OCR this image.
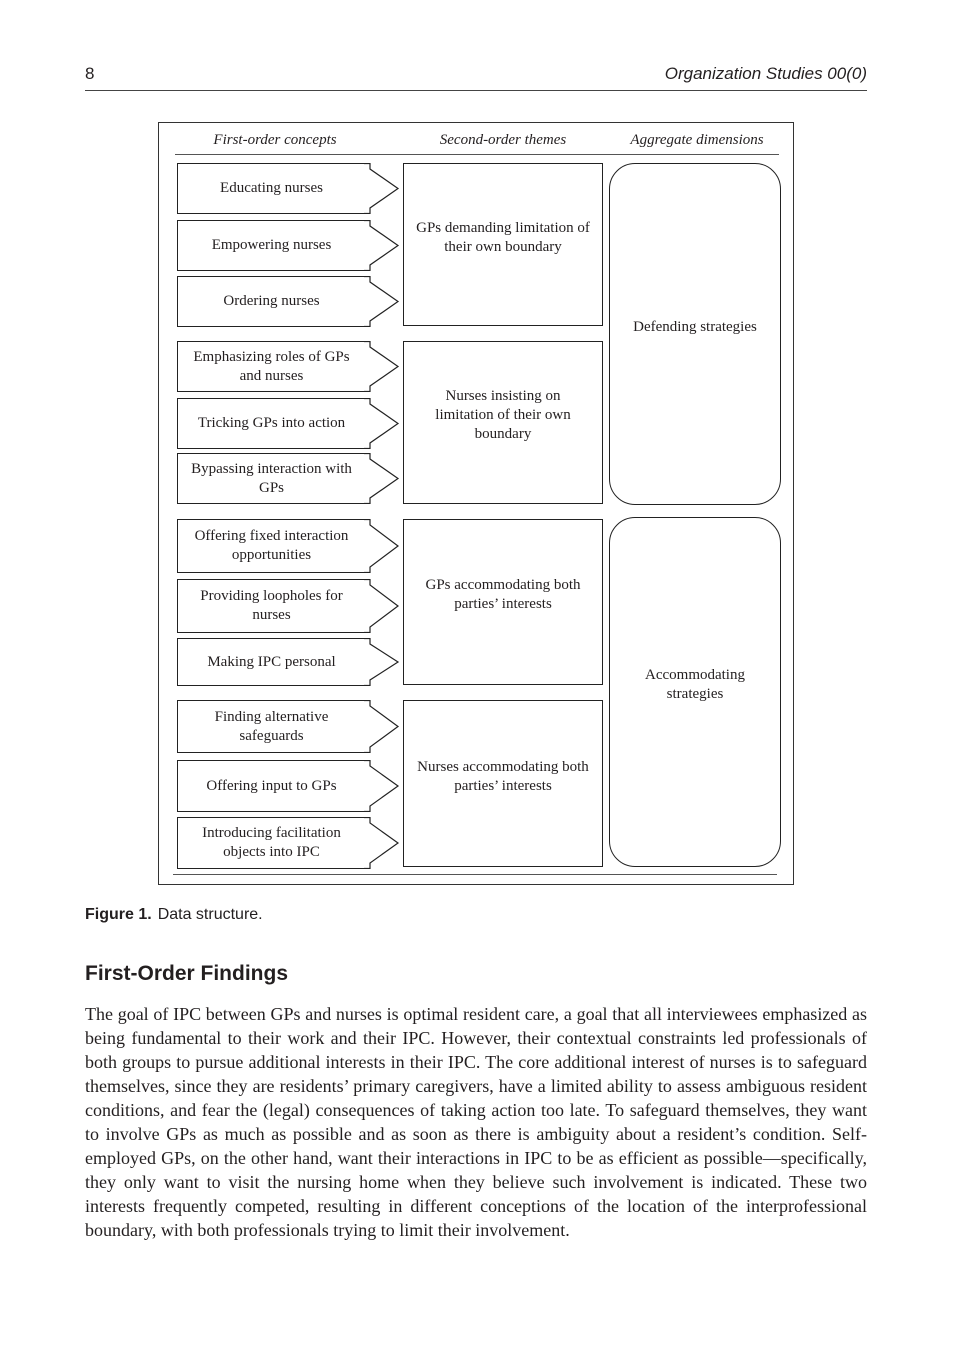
8	Organization Studies 00(0)
First-order concepts	Second-order themes	Aggregate dimensions
Educating nurses
Empowering nurses
Ordering nurses
Emphasizing roles of GPs and nurses
Tricking GPs into action
Bypassing interaction with GPs
Offering fixed interaction opportunities
Providing loopholes for nurses
Making IPC personal
Finding alternative safeguards
Offering input to GPs
Introducing facilitation objects into IPC
GPs demanding limitation of their own boundary
Nurses insisting on limitation of their own boundary
GPs accommodating both parties’ interests
Nurses accommodating both parties’ interests
Defending strategies
Accommodating strategies
Figure 1. Data structure.
First-Order Findings
The goal of IPC between GPs and nurses is optimal resident care, a goal that all interviewees emphasized as being fundamental to their work and their IPC. However, their contextual constraints led professionals of both groups to pursue additional interests in their IPC. The core additional interest of nurses is to safeguard themselves, since they are residents’ primary caregivers, have a limited ability to assess ambiguous resident conditions, and fear the (legal) consequences of taking action too late. To safeguard themselves, they want to involve GPs as much as possible and as soon as there is ambiguity about a resident’s condition. Self-employed GPs, on the other hand, want their interactions in IPC to be as efficient as possible—specifically, they only want to visit the nursing home when they believe such involvement is indicated. These two interests frequently competed, resulting in different conceptions of the location of the interprofessional boundary, with both professionals trying to limit their involvement.
